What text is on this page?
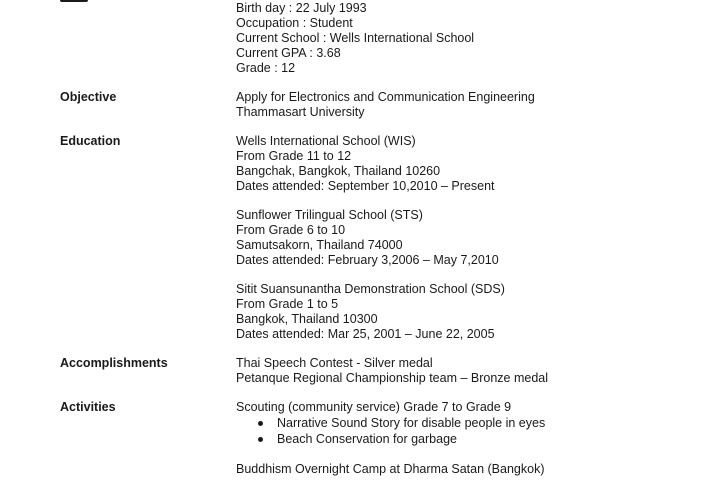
Birth day : 22 July 1993
Occupation : Student
Current School : Wells International School
Current GPA : 3.68
Grade : 12
Objective	Apply for Electronics and Communication Engineering
Thammasart University
Education	Wells International School (WIS)
From Grade 11 to 12
Bangchak, Bangkok, Thailand 10260
Dates attended: September 10,2010 – Present
Sunflower Trilingual School (STS)
From Grade 6 to 10
Samutsakorn, Thailand 74000
Dates attended: February 3,2006 – May 7,2010
Sitit Suansunantha Demonstration School (SDS)
From Grade 1 to 5
Bangkok, Thailand 10300
Dates attended: Mar 25, 2001 – June 22, 2005
Accomplishments	Thai Speech Contest - Silver medal
Petanque Regional Championship team – Bronze medal
Activities	Scouting (community service) Grade 7 to Grade 9
Narrative Sound Story for disable people in eyes
Beach Conservation for garbage
Buddhism Overnight Camp at Dharma Satan (Bangkok)
